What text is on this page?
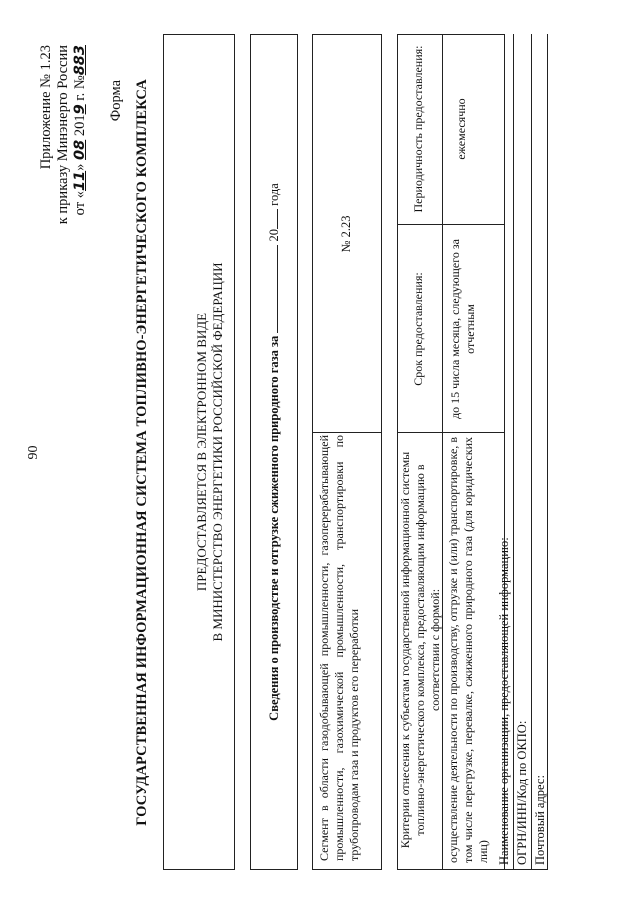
90
Приложение № 1.23 к приказу Минэнерго России от «11» 08 2019 г. №883
Форма ГОСУДАРСТВЕННАЯ ИНФОРМАЦИОННАЯ СИСТЕМА ТОПЛИВНО-ЭНЕРГЕТИЧЕСКОГО КОМПЛЕКСА	ПРЕДОСТАВЛЯЕТСЯ В ЭЛЕКТРОННОМ ВИДЕ В МИНИСТЕРСТВО ЭНЕРГЕТИКИ РОССИЙСКОЙ ФЕДЕРАЦИИ	Сведения о производстве и отгрузке сжиженного природного газа за  20 года
Сегмент в области газодобывающей промышленности, газоперерабатывающей промышленности, газохимической промышленности, транспортировки по трубопроводам газа и продуктов его переработки
№ 2.23
Критерии отнесения к субъектам государственной информационной системы топливно-энергетического комплекса, предоставляющим информацию в соответствии с формой:
Срок предоставления:
Периодичность предоставления:
осуществление деятельности по производству, отгрузке и (или) транспортировке, в том числе перегрузке, перевалке, сжиженного природного газа (для юридических лиц)
до 15 числа месяца, следующего за отчетным
ежемесячно
Наименование организации, предоставляющей информацию: ОГРН/ИНН/Код по ОКПО: Почтовый адрес:
